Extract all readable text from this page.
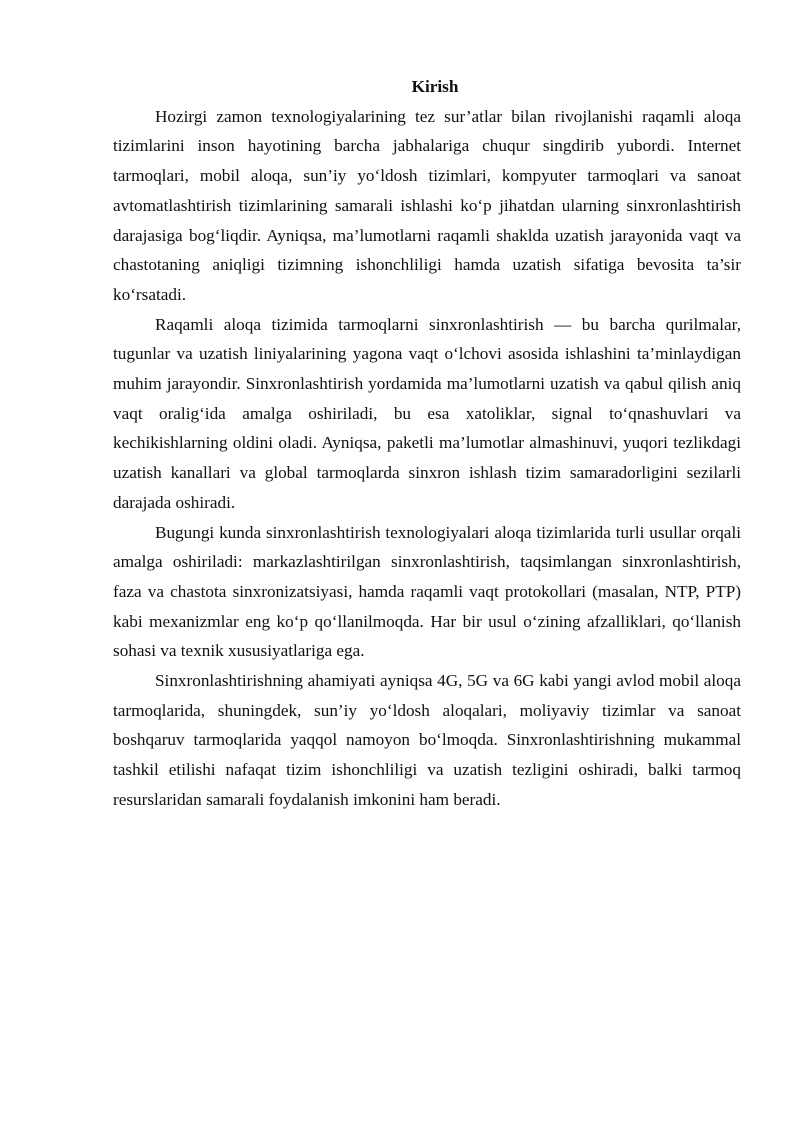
Kirish

Hozirgi zamon texnologiyalarining tez sur’atlar bilan rivojlanishi raqamli aloqa tizimlarini inson hayotining barcha jabhalariga chuqur singdirib yubordi. Internet tarmoqlari, mobil aloqa, sun’iy yo‘ldosh tizimlari, kompyuter tarmoqlari va sanoat avtomatlashtirish tizimlarining samarali ishlashi ko‘p jihatdan ularning sinxronlashtirish darajasiga bog‘liqdir. Ayniqsa, ma’lumotlarni raqamli shaklda uzatish jarayonida vaqt va chastotaning aniqligi tizimning ishonchliligi hamda uzatish sifatiga bevosita ta’sir ko‘rsatadi.

Raqamli aloqa tizimida tarmoqlarni sinxronlashtirish — bu barcha qurilmalar, tugunlar va uzatish liniyalarining yagona vaqt o‘lchovi asosida ishlashini ta’minlaydigan muhim jarayondir. Sinxronlashtirish yordamida ma’lumotlarni uzatish va qabul qilish aniq vaqt oralig‘ida amalga oshiriladi, bu esa xatoliklar, signal to‘qnashuvlari va kechikishlarning oldini oladi. Ayniqsa, paketli ma’lumotlar almashinuvi, yuqori tezlikdagi uzatish kanallari va global tarmoqlarda sinxron ishlash tizim samaradorligini sezilarli darajada oshiradi.

Bugungi kunda sinxronlashtirish texnologiyalari aloqa tizimlarida turli usullar orqali amalga oshiriladi: markazlashtirilgan sinxronlashtirish, taqsimlangan sinxronlashtirish, faza va chastota sinxronizatsiyasi, hamda raqamli vaqt protokollari (masalan, NTP, PTP) kabi mexanizmlar eng ko‘p qo‘llanilmoqda. Har bir usul o‘zining afzalliklari, qo‘llanish sohasi va texnik xususiyatlariga ega.

Sinxronlashtirishning ahamiyati ayniqsa 4G, 5G va 6G kabi yangi avlod mobil aloqa tarmoqlarida, shuningdek, sun’iy yo‘ldosh aloqalari, moliyaviy tizimlar va sanoat boshqaruv tarmoqlarida yaqqol namoyon bo‘lmoqda. Sinxronlashtirishning mukammal tashkil etilishi nafaqat tizim ishonchliligi va uzatish tezligini oshiradi, balki tarmoq resurslaridan samarali foydalanish imkonini ham beradi.
